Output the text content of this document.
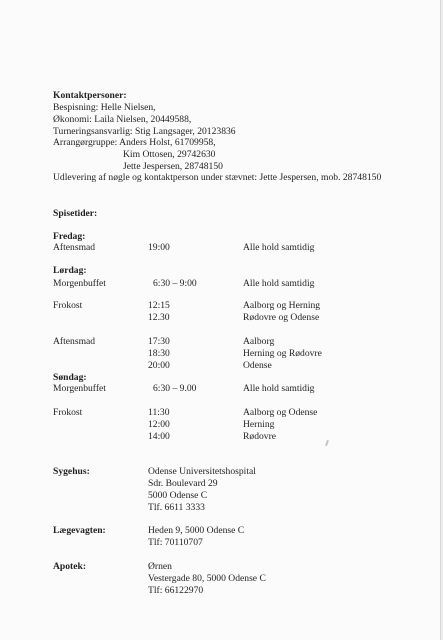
Kontaktpersoner:
Bespisning: Helle Nielsen,
Økonomi: Laila Nielsen, 20449588,
Turneringsansvarlig: Stig Langsager, 20123836
Arrangørgruppe: Anders Holst, 61709958,
Kim Ottosen, 29742630
Jette Jespersen, 28748150
Udlevering af nøgle og kontaktperson under stævnet: Jette Jespersen, mob. 28748150
Spisetider:
Fredag:
Aftensmad	19:00	Alle hold samtidig
Lørdag:
Morgenbuffet	6:30 – 9:00	Alle hold samtidig
Frokost	12:15	Aalborg og Herning
12.30	Rødovre og Odense
Aftensmad	17:30	Aalborg
18:30	Herning og Rødovre
20:00	Odense
Søndag:
Morgenbuffet	6:30 – 9.00	Alle hold samtidig
Frokost	11:30	Aalborg og Odense
12:00	Herning
14:00	Rødovre
Sygehus:	Odense Universitetshospital
Sdr. Boulevard 29
5000 Odense C
Tlf. 6611 3333
Lægevagten:	Heden 9, 5000 Odense C
Tlf: 70110707
Apotek:	Ørnen
Vestergade 80, 5000 Odense C
Tlf: 66122970
